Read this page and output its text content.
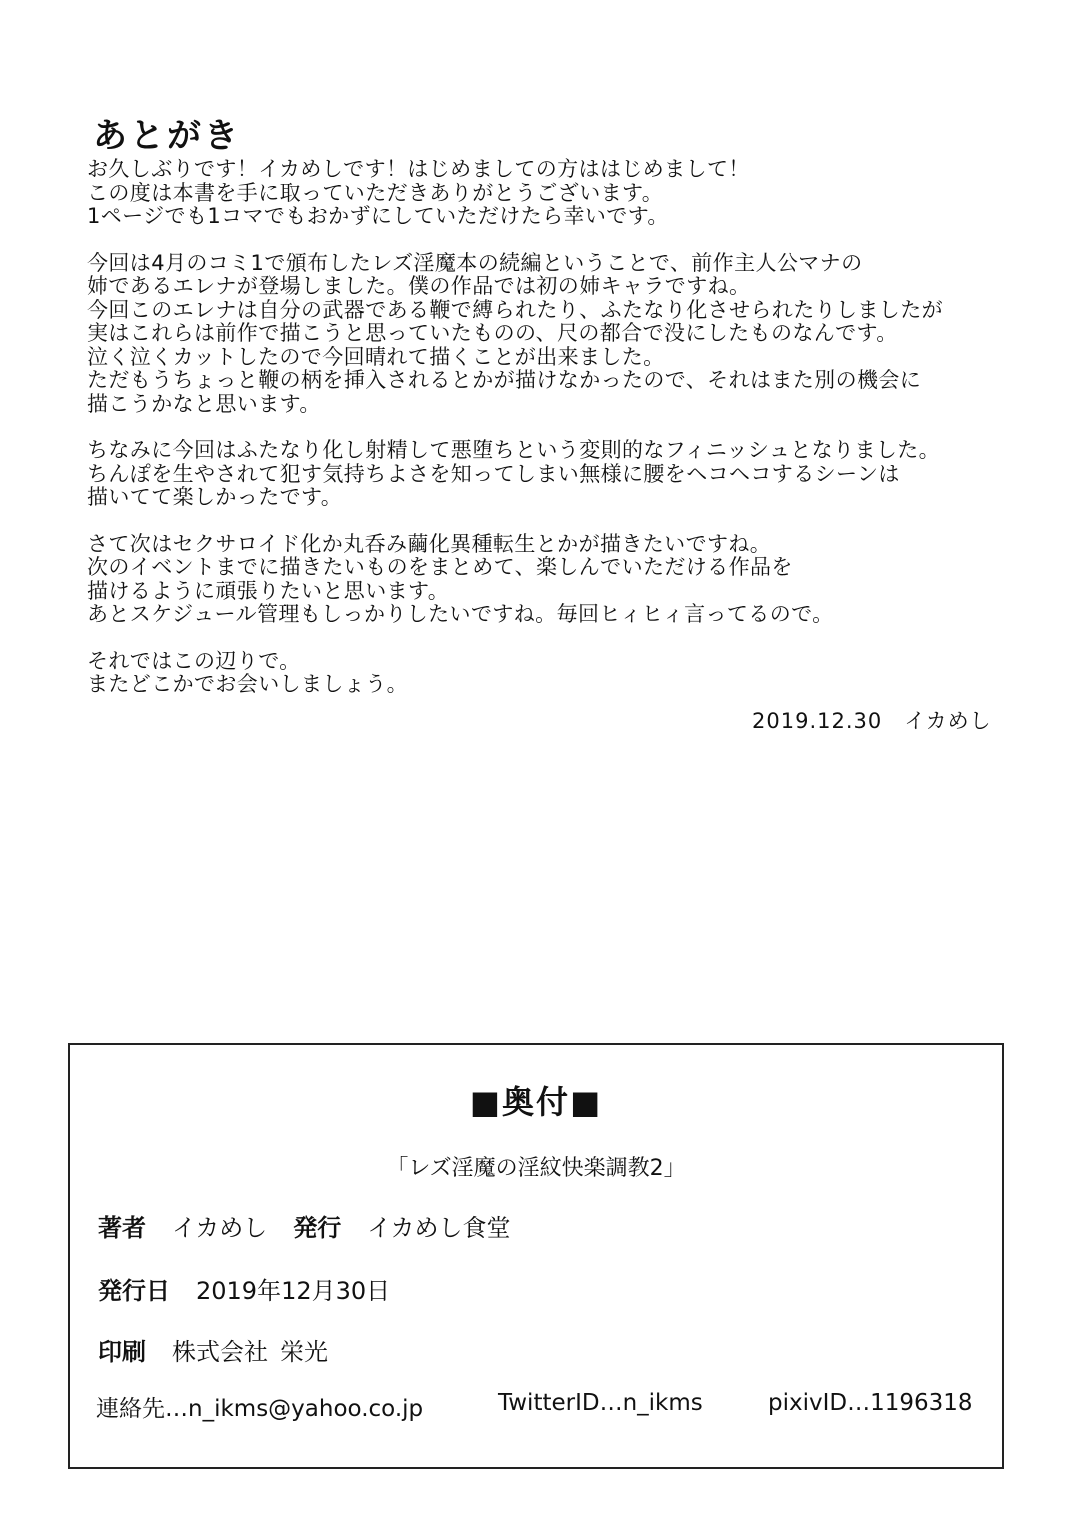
あとがき
お久しぶりです！イカめしです！はじめましての方ははじめまして！
この度は本書を手に取っていただきありがとうございます。
1ページでも1コマでもおかずにしていただけたら幸いです。
今回は4月のコミ1で頒布したレズ淫魔本の続編ということで、前作主人公マナの
姉であるエレナが登場しました。僕の作品では初の姉キャラですね。
今回このエレナは自分の武器である鞭で縛られたり、ふたなり化させられたりしましたが
実はこれらは前作で描こうと思っていたものの、尺の都合で没にしたものなんです。
泣く泣くカットしたので今回晴れて描くことが出来ました。
ただもうちょっと鞭の柄を挿入されるとかが描けなかったので、それはまた別の機会に
描こうかなと思います。
ちなみに今回はふたなり化し射精して悪堕ちという変則的なフィニッシュとなりました。
ちんぽを生やされて犯す気持ちよさを知ってしまい無様に腰をヘコヘコするシーンは
描いてて楽しかったです。
さて次はセクサロイド化か丸呑み繭化異種転生とかが描きたいですね。
次のイベントまでに描きたいものをまとめて、楽しんでいただける作品を
描けるように頑張りたいと思います。
あとスケジュール管理もしっかりしたいですね。毎回ヒィヒィ言ってるので。
それではこの辺りで。
またどこかでお会いしましょう。
2019.12.30　イカめし
■奥付■
「レズ淫魔の淫紋快楽調教2」
著者 イカめし 発行 イカめし食堂
発行日 2019年12月30日
印刷 株式会社 栄光
連絡先…n_ikms@yahoo.co.jp	TwitterID…n_ikms	pixivID…1196318
